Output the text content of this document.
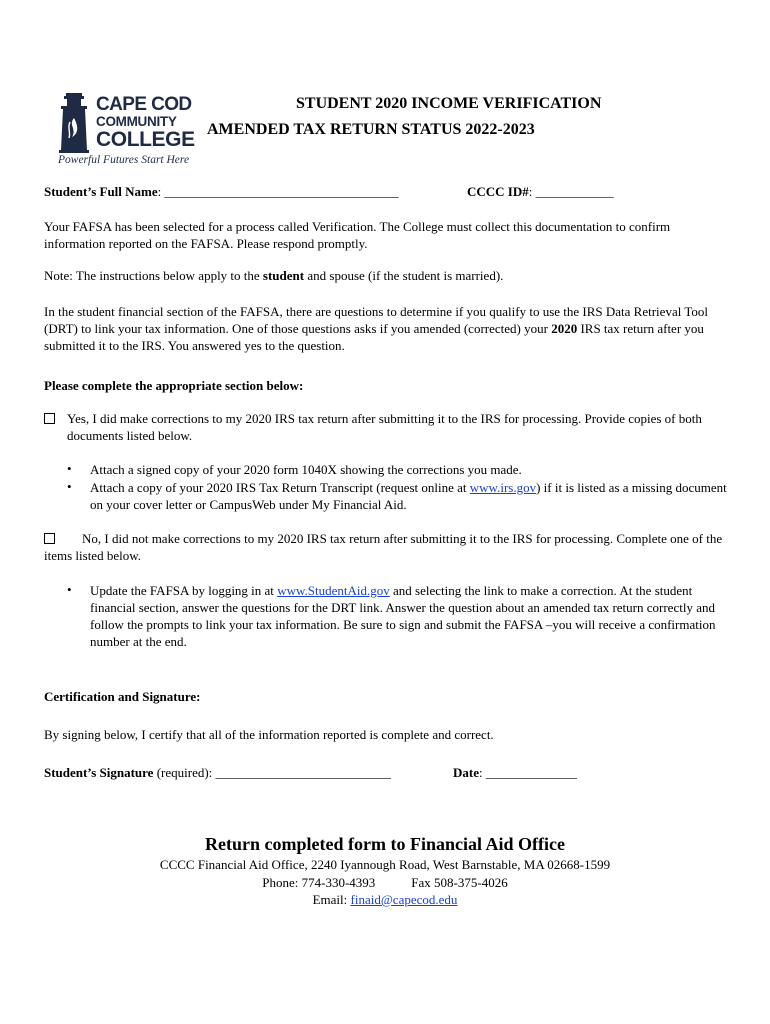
CAPE COD
COMMUNITY
COLLEGE
Powerful Futures Start Here
STUDENT 2020 INCOME VERIFICATION
AMENDED TAX RETURN STATUS 2022-2023
Student’s Full Name: ____________________________________	CCCC ID#: ____________
Your FAFSA has been selected for a process called Verification. The College must collect this documentation to confirm information reported on the FAFSA. Please respond promptly.
Note: The instructions below apply to the student and spouse (if the student is married).
In the student financial section of the FAFSA, there are questions to determine if you qualify to use the IRS Data Retrieval Tool (DRT) to link your tax information. One of those questions asks if you amended (corrected) your 2020 IRS tax return after you submitted it to the IRS. You answered yes to the question.
Please complete the appropriate section below:
Yes, I did make corrections to my 2020 IRS tax return after submitting it to the IRS for processing. Provide copies of both documents listed below.
• Attach a signed copy of your 2020 form 1040X showing the corrections you made.
• Attach a copy of your 2020 IRS Tax Return Transcript (request online at www.irs.gov) if it is listed as a missing document on your cover letter or CampusWeb under My Financial Aid.
No, I did not make corrections to my 2020 IRS tax return after submitting it to the IRS for processing. Complete one of the items listed below.
• Update the FAFSA by logging in at www.StudentAid.gov and selecting the link to make a correction. At the student financial section, answer the questions for the DRT link. Answer the question about an amended tax return correctly and follow the prompts to link your tax information. Be sure to sign and submit the FAFSA –you will receive a confirmation number at the end.
Certification and Signature:
By signing below, I certify that all of the information reported is complete and correct.
Student’s Signature (required): ___________________________	Date: ______________
Return completed form to Financial Aid Office
CCCC Financial Aid Office, 2240 Iyannough Road, West Barnstable, MA 02668-1599
Phone: 774-330-4393	Fax 508-375-4026
Email: finaid@capecod.edu
